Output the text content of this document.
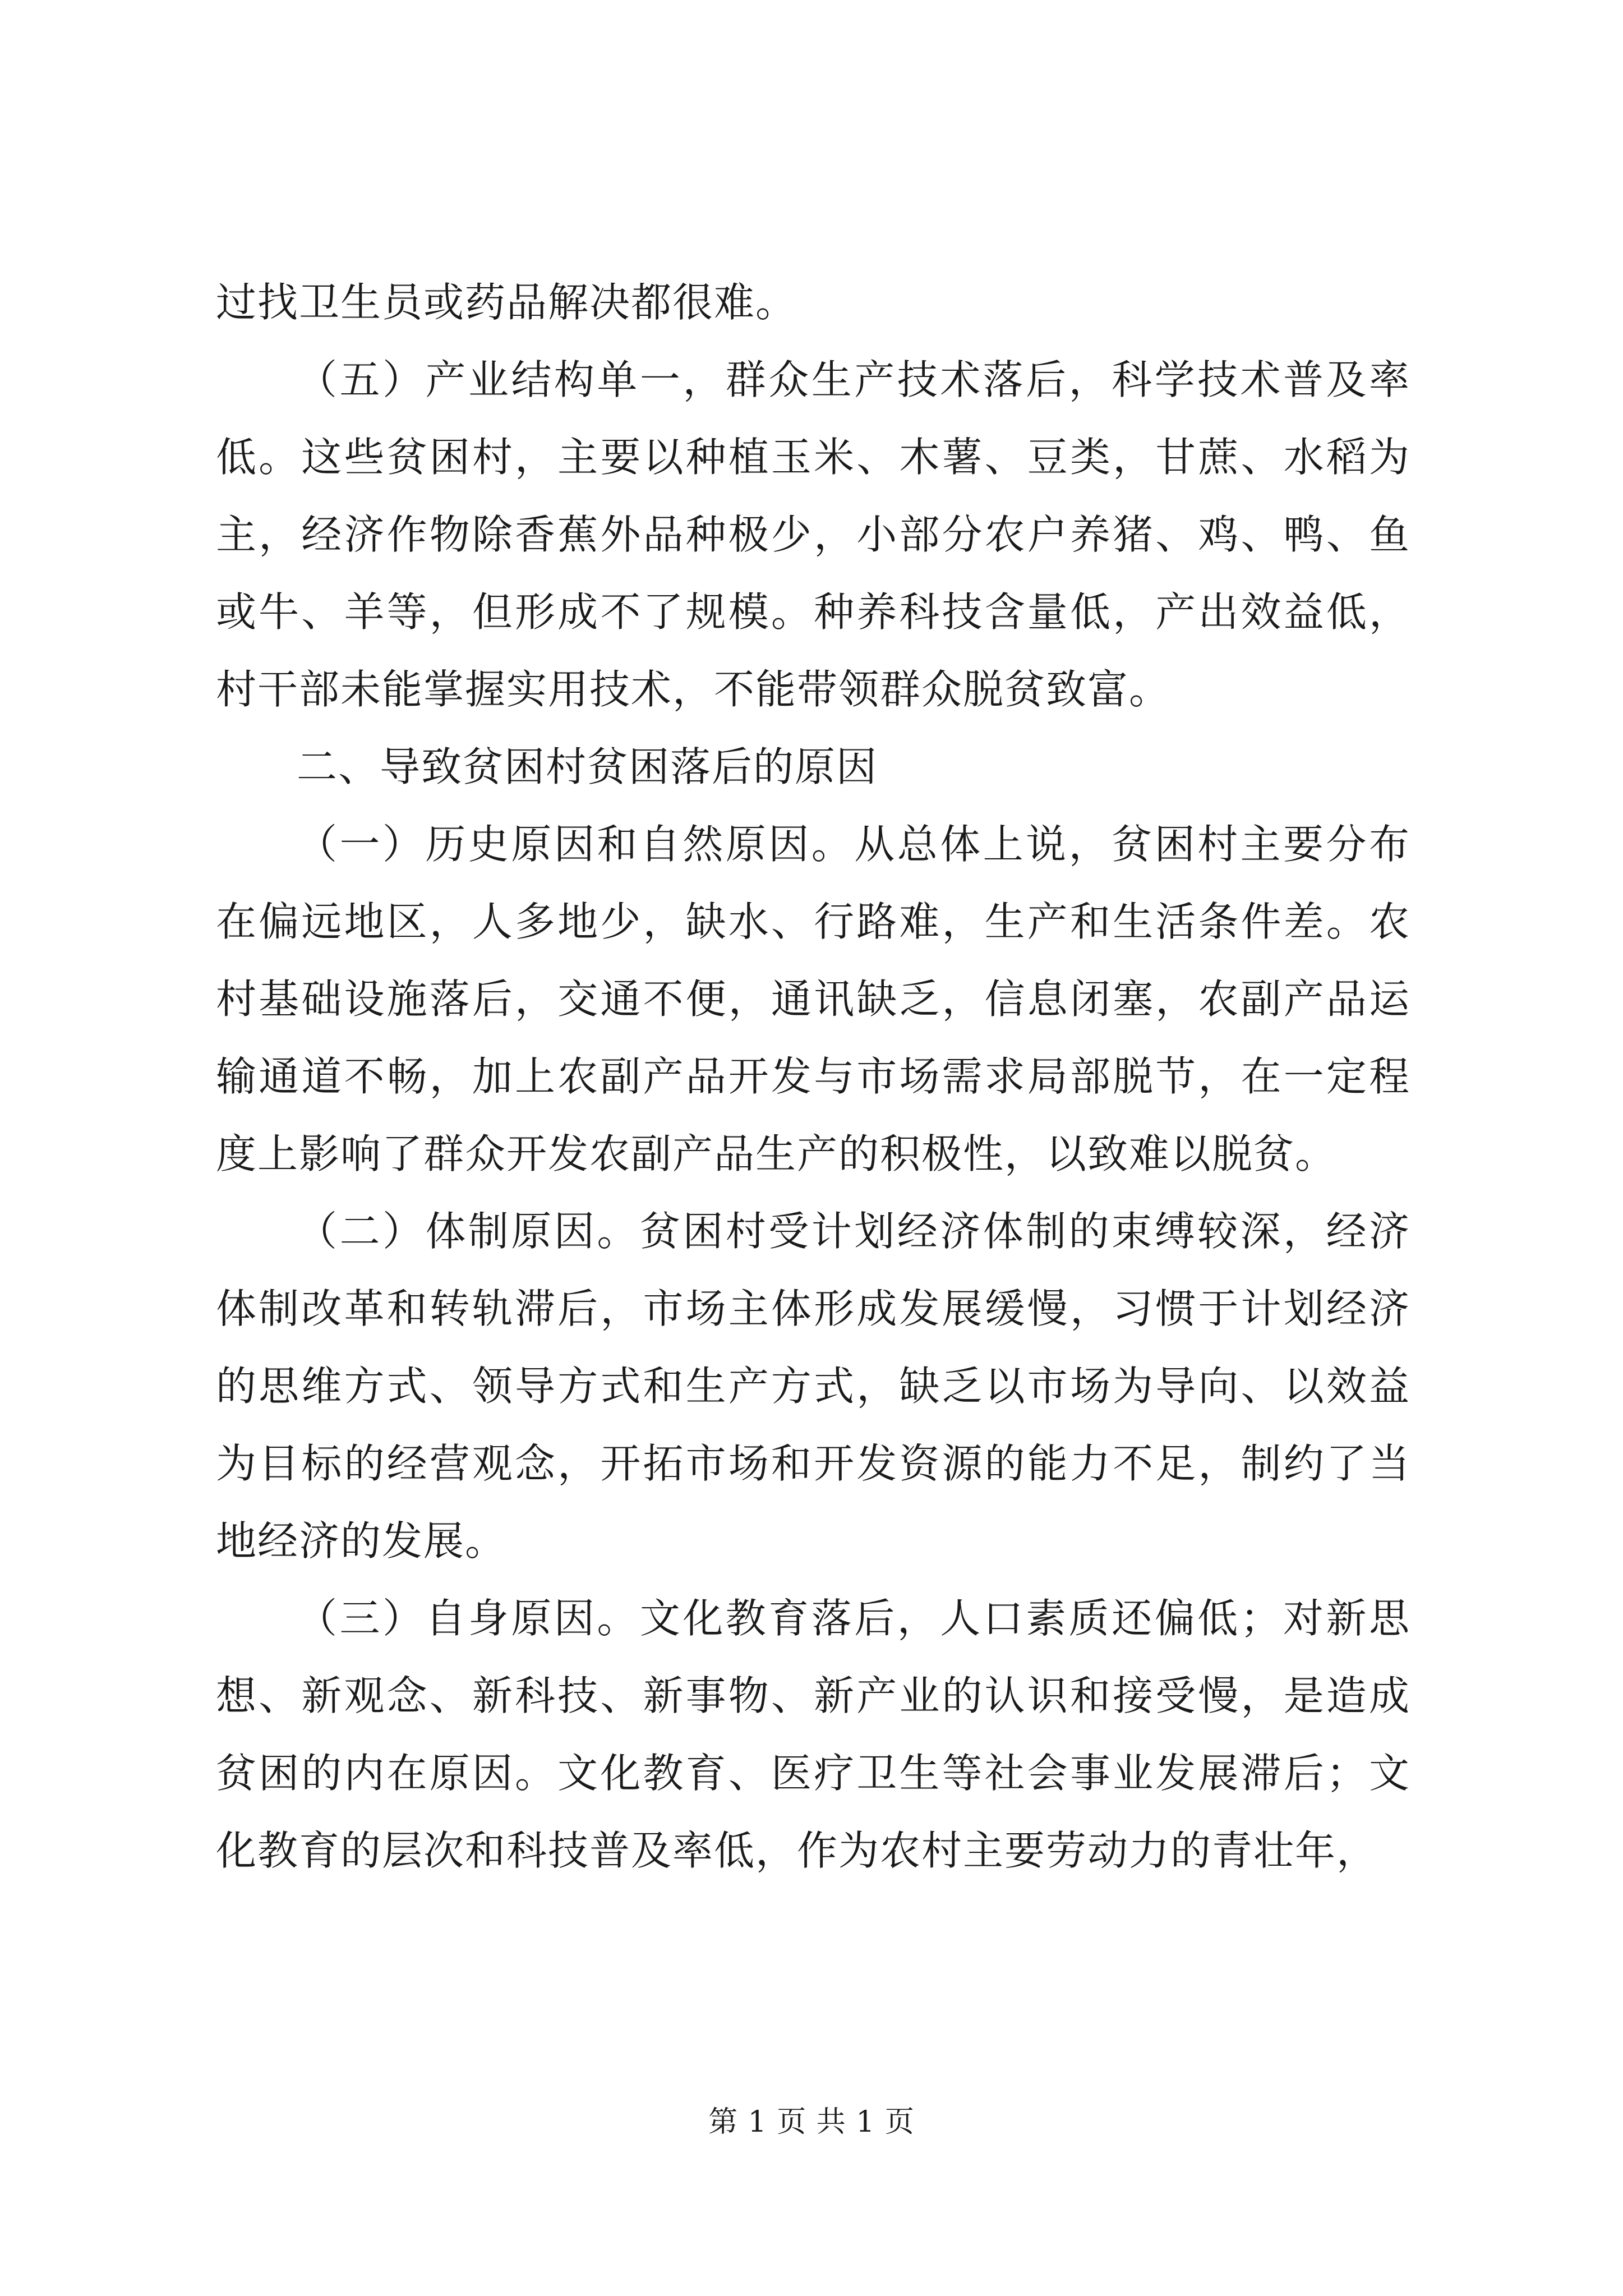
过找卫生员或药品解决都很难。

（五）产业结构单一，群众生产技术落后，科学技术普及率低。这些贫困村，主要以种植玉米、木薯、豆类，甘蔗、水稻为主，经济作物除香蕉外品种极少，小部分农户养猪、鸡、鸭、鱼或牛、羊等，但形成不了规模。种养科技含量低，产出效益低，村干部未能掌握实用技术，不能带领群众脱贫致富。

二、导致贫困村贫困落后的原因

（一）历史原因和自然原因。从总体上说，贫困村主要分布在偏远地区，人多地少，缺水、行路难，生产和生活条件差。农村基础设施落后，交通不便，通讯缺乏，信息闭塞，农副产品运输通道不畅，加上农副产品开发与市场需求局部脱节，在一定程度上影响了群众开发农副产品生产的积极性，以致难以脱贫。

（二）体制原因。贫困村受计划经济体制的束缚较深，经济体制改革和转轨滞后，市场主体形成发展缓慢，习惯于计划经济的思维方式、领导方式和生产方式，缺乏以市场为导向、以效益为目标的经营观念，开拓市场和开发资源的能力不足，制约了当地经济的发展。

（三）自身原因。文化教育落后，人口素质还偏低；对新思想、新观念、新科技、新事物、新产业的认识和接受慢，是造成贫困的内在原因。文化教育、医疗卫生等社会事业发展滞后；文化教育的层次和科技普及率低，作为农村主要劳动力的青壮年，

第 1 页 共 1 页
